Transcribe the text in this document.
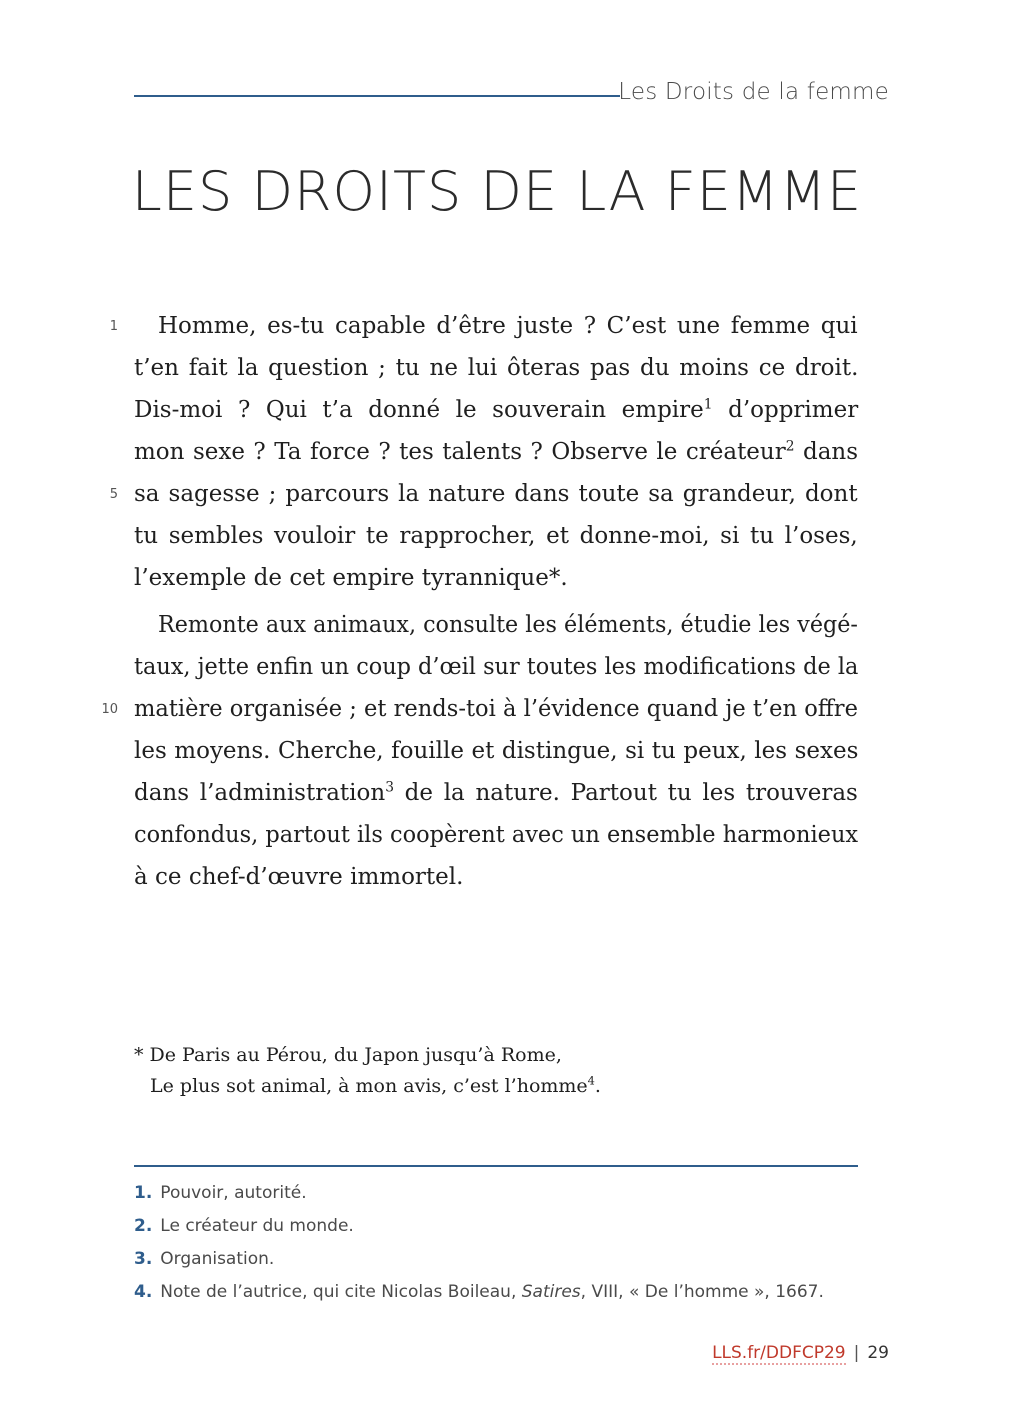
Les Droits de la femme
LES DROITS DE LA FEMME
Homme, es-tu capable d’être juste ? C’est une femme qui
t’en fait la question ; tu ne lui ôteras pas du moins ce droit.
Dis-moi ? Qui t’a donné le souverain empire$^1$ d’opprimer
mon sexe ? Ta force ? tes talents ? Observe le créateur$^2$ dans
sa sagesse ; parcours la nature dans toute sa grandeur, dont
tu sembles vouloir te rapprocher, et donne-moi, si tu l’oses,
l’exemple de cet empire tyrannique*.
Remonte aux animaux, consulte les éléments, étudie les végé-
taux, jette enfin un coup d’œil sur toutes les modifications de la
matière organisée ; et rends-toi à l’évidence quand je t’en offre
les moyens. Cherche, fouille et distingue, si tu peux, les sexes
dans l’administration$^3$ de la nature. Partout tu les trouveras
confondus, partout ils coopèrent avec un ensemble harmonieux
à ce chef-d’œuvre immortel.
* De Paris au Pérou, du Japon jusqu’à Rome,
Le plus sot animal, à mon avis, c’est l’homme$^4$.
1. Pouvoir, autorité.
2. Le créateur du monde.
3. Organisation.
4. Note de l’autrice, qui cite Nicolas Boileau, Satires, VIII, « De l’homme », 1667.
LLS.fr/DDFCP29 | 29
1
5
10
